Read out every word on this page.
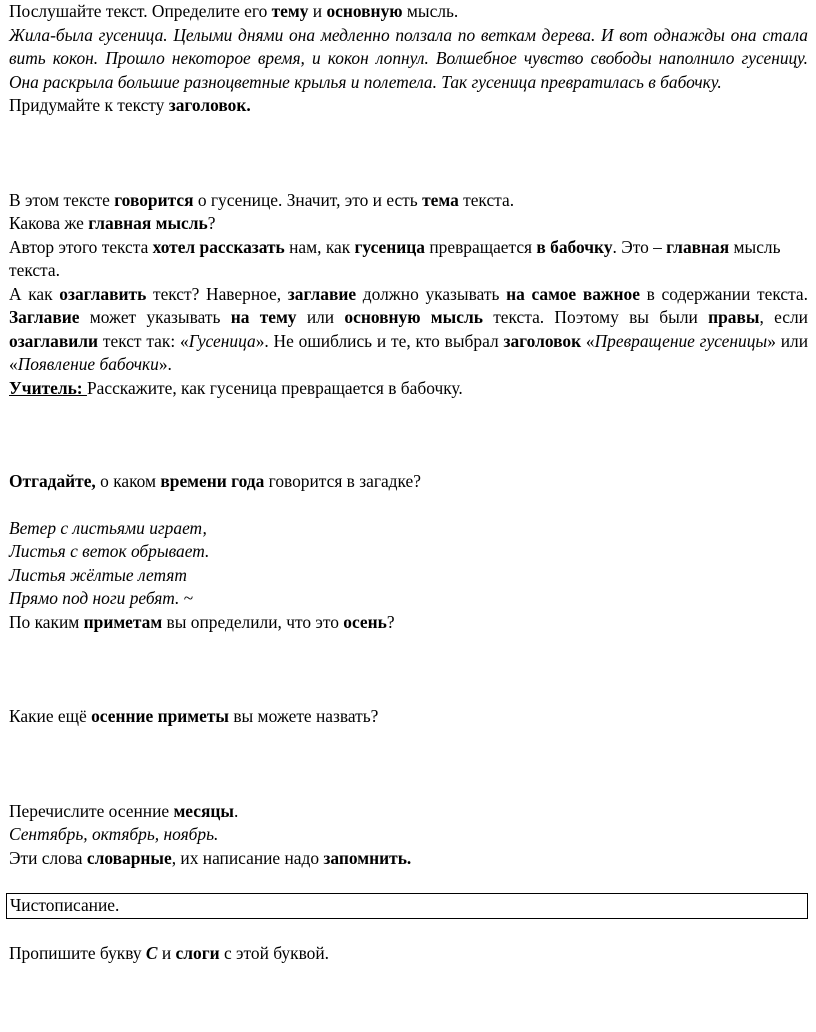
Послушайте текст. Определите его тему и основную мысль.

Жила-была гусеница. Целыми днями она медленно ползала по веткам дерева. И вот однажды она стала вить кокон. Прошло некоторое время, и кокон лопнул. Волшебное чувство свободы наполнило гусеницу. Она раскрыла большие разноцветные крылья и полетела. Так гусеница превратилась в бабочку.

Придумайте к тексту заголовок.

В этом тексте говорится о гусенице. Значит, это и есть тема текста.

Какова же главная мысль?

Автор этого текста хотел рассказать нам, как гусеница превращается в бабочку. Это – главная мысль текста.

А как озаглавить текст? Наверное, заглавие должно указывать на самое важное в содержании текста. Заглавие может указывать на тему или основную мысль текста. Поэтому вы были правы, если озаглавили текст так: «Гусеница». Не ошиблись и те, кто выбрал заголовок «Превращение гусеницы» или «Появление бабочки».

Учитель: Расскажите, как гусеница превращается в бабочку.

Отгадайте, о каком времени года говорится в загадке?

Ветер с листьями играет,

Листья с веток обрывает.

Листья жёлтые летят

Прямо под ноги ребят. ~

По каким приметам вы определили, что это осень?

Какие ещё осенние приметы вы можете назвать?

Перечислите осенние месяцы.

Сентябрь, октябрь, ноябрь.

Эти слова словарные, их написание надо запомнить.

Чистописание.

Пропишите букву С и слоги с этой буквой.
